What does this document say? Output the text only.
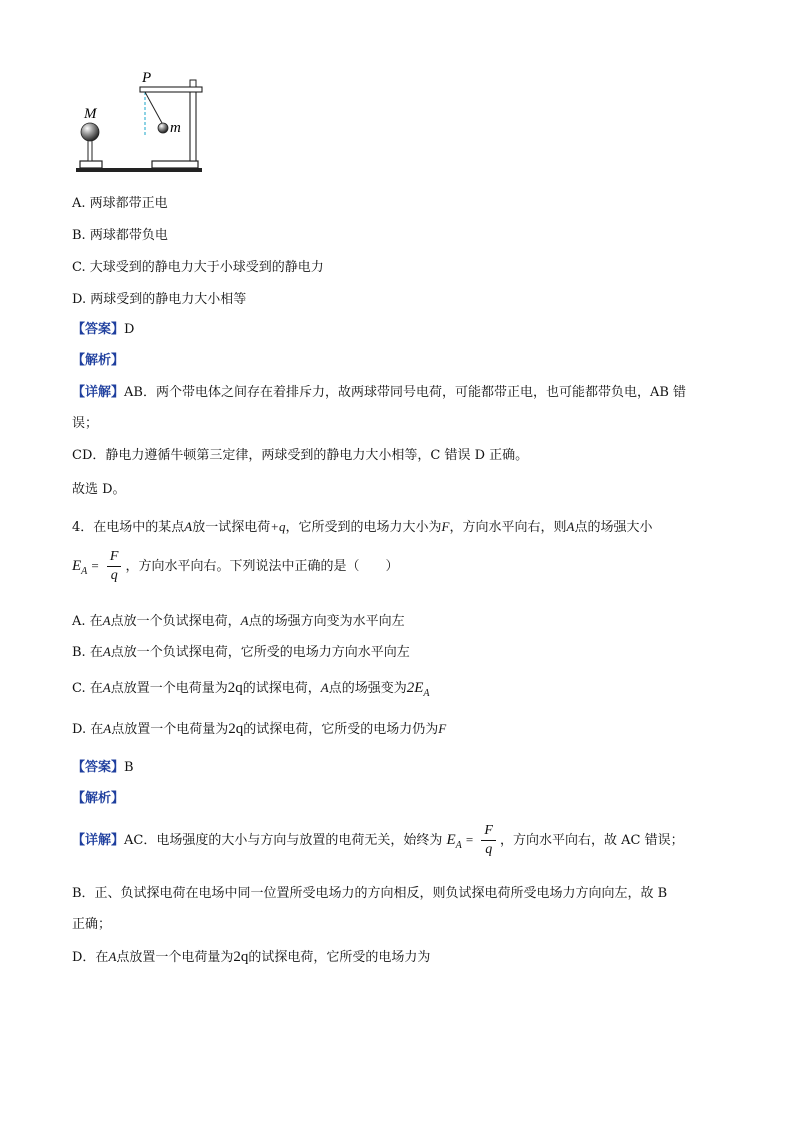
M
P
m
A. 两球都带正电
B. 两球都带负电
C. 大球受到的静电力大于小球受到的静电力
D. 两球受到的静电力大小相等
【答案】D
【解析】
【详解】AB．两个带电体之间存在着排斥力，故两球带同号电荷，可能都带正电，也可能都带负电，AB 错
误；
CD．静电力遵循牛顿第三定律，两球受到的静电力大小相等，C 错误 D 正确。
故选 D。
4．在电场中的某点A放一试探电荷+q，它所受到的电场力大小为F，方向水平向右，则A点的场强大小
$E_A = \frac{F}{q}$ ，方向水平向右。下列说法中正确的是（　　）
A. 在A点放一个负试探电荷，A点的场强方向变为水平向左
B. 在A点放一个负试探电荷，它所受的电场力方向水平向左
C. 在A点放置一个电荷量为2q的试探电荷，A点的场强变为$2E_A$
D. 在A点放置一个电荷量为2q的试探电荷，它所受的电场力仍为F
【答案】B
【解析】
【详解】AC．电场强度的大小与方向与放置的电荷无关，始终为 $E_A = \frac{F}{q}$ ，方向水平向右，故 AC 错误；
B．正、负试探电荷在电场中同一位置所受电场力的方向相反，则负试探电荷所受电场力方向向左，故 B
正确；
D．在A点放置一个电荷量为2q的试探电荷，它所受的电场力为
